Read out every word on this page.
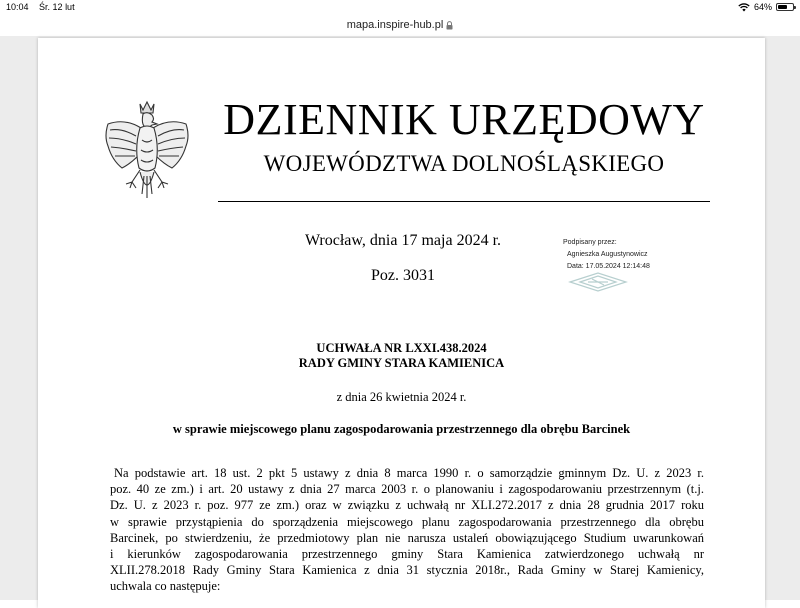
10:04 Śr. 12 lut	64%
mapa.inspire-hub.pl
DZIENNIK URZĘDOWY
WOJEWÓDZTWA DOLNOŚLĄSKIEGO
Wrocław, dnia 17 maja 2024 r.
Poz. 3031
Podpisany przez:
Agnieszka Augustynowicz
Data: 17.05.2024 12:14:48
UCHWAŁA NR LXXI.438.2024
RADY GMINY STARA KAMIENICA
z dnia 26 kwietnia 2024 r.
w sprawie miejscowego planu zagospodarowania przestrzennego dla obrębu Barcinek
Na podstawie art. 18 ust. 2 pkt 5 ustawy z dnia 8 marca 1990 r. o samorządzie gminnym Dz. U. z 2023 r.
poz. 40 ze zm.) i art. 20 ustawy z dnia 27 marca 2003 r. o planowaniu i zagospodarowaniu przestrzennym (t.j.
Dz. U. z 2023 r. poz. 977 ze zm.) oraz w związku z uchwałą nr XLI.272.2017 z dnia 28 grudnia 2017 roku
w sprawie przystąpienia do sporządzenia miejscowego planu zagospodarowania przestrzennego dla obrębu
Barcinek, po stwierdzeniu, że przedmiotowy plan nie narusza ustaleń obowiązującego Studium uwarunkowań
i kierunków zagospodarowania przestrzennego gminy Stara Kamienica zatwierdzonego uchwałą nr
XLII.278.2018 Rady Gminy Stara Kamienica z dnia 31 stycznia 2018r., Rada Gminy w Starej Kamienicy,
uchwala co następuje:
